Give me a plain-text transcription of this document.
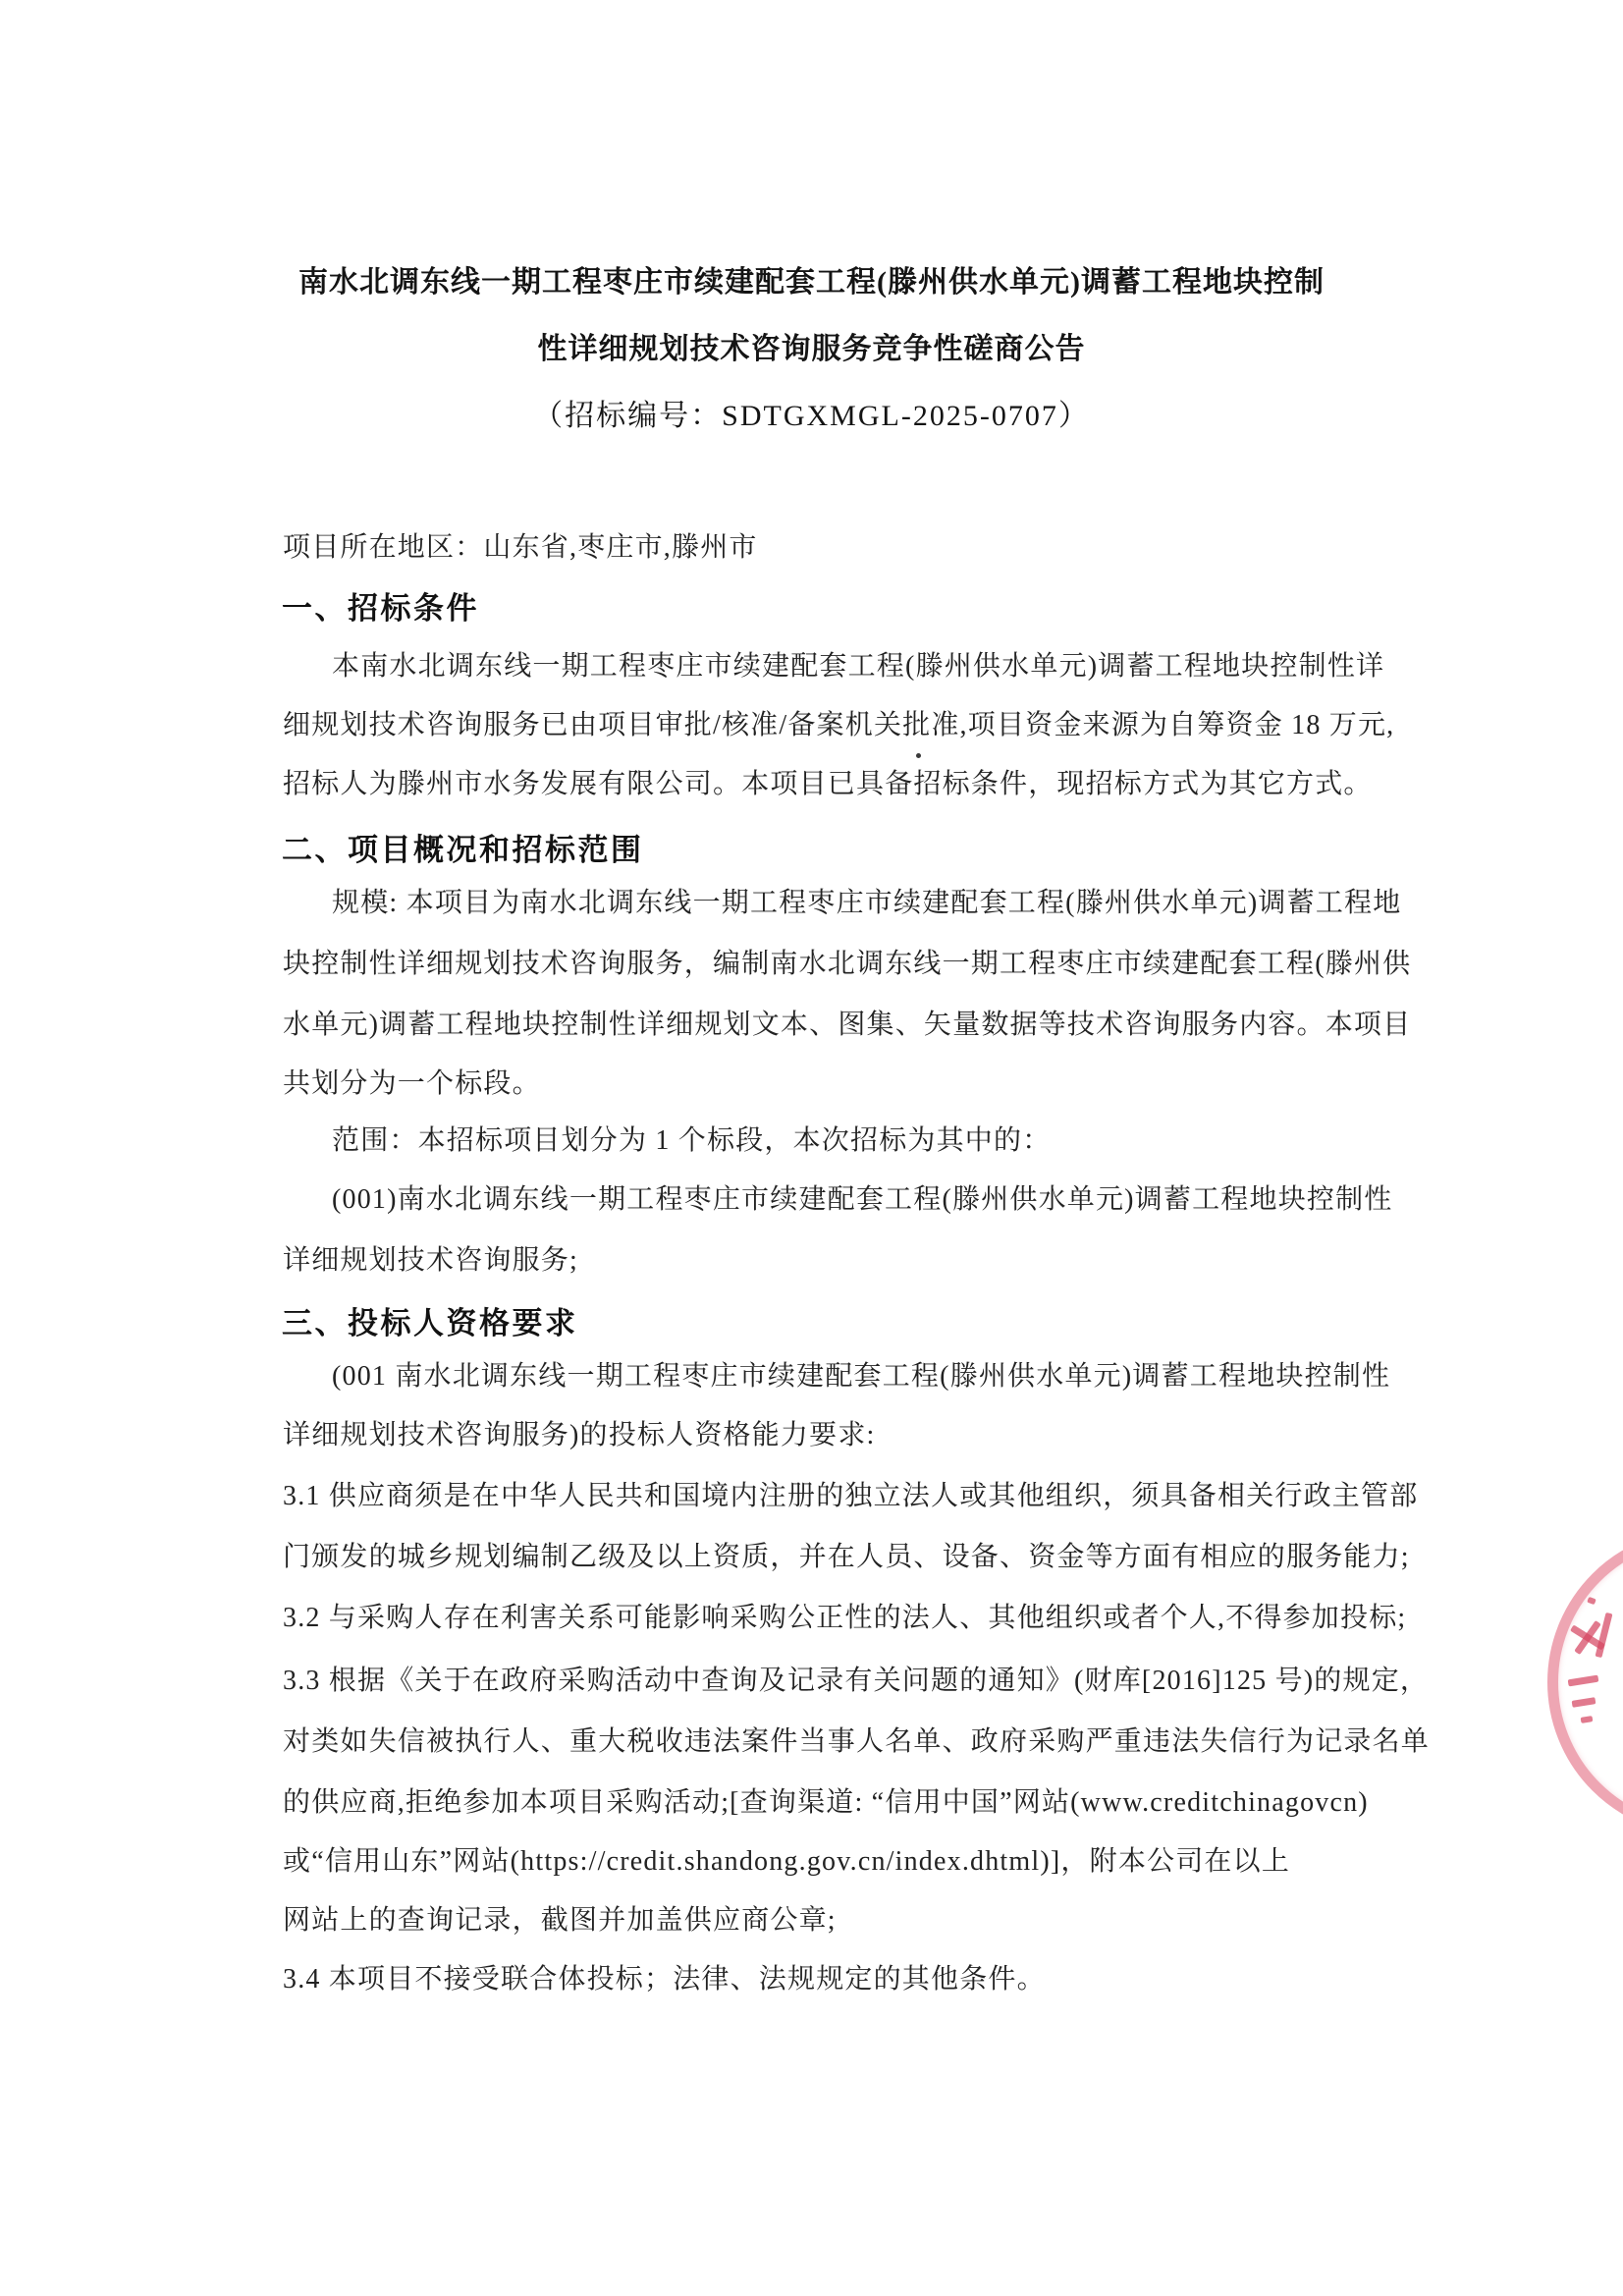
南水北调东线一期工程枣庄市续建配套工程(滕州供水单元)调蓄工程地块控制
性详细规划技术咨询服务竞争性磋商公告
（招标编号：SDTGXMGL-2025-0707）
项目所在地区：山东省,枣庄市,滕州市
一、招标条件
本南水北调东线一期工程枣庄市续建配套工程(滕州供水单元)调蓄工程地块控制性详
细规划技术咨询服务已由项目审批/核准/备案机关批准,项目资金来源为自筹资金 18 万元,
招标人为滕州市水务发展有限公司。本项目已具备招标条件，现招标方式为其它方式。
二、项目概况和招标范围
规模: 本项目为南水北调东线一期工程枣庄市续建配套工程(滕州供水单元)调蓄工程地
块控制性详细规划技术咨询服务，编制南水北调东线一期工程枣庄市续建配套工程(滕州供
水单元)调蓄工程地块控制性详细规划文本、图集、矢量数据等技术咨询服务内容。本项目
共划分为一个标段。
范围：本招标项目划分为 1 个标段，本次招标为其中的：
(001)南水北调东线一期工程枣庄市续建配套工程(滕州供水单元)调蓄工程地块控制性
详细规划技术咨询服务;
三、投标人资格要求
(001 南水北调东线一期工程枣庄市续建配套工程(滕州供水单元)调蓄工程地块控制性
详细规划技术咨询服务)的投标人资格能力要求:
3.1 供应商须是在中华人民共和国境内注册的独立法人或其他组织，须具备相关行政主管部
门颁发的城乡规划编制乙级及以上资质，并在人员、设备、资金等方面有相应的服务能力;
3.2 与采购人存在利害关系可能影响采购公正性的法人、其他组织或者个人,不得参加投标;
3.3 根据《关于在政府采购活动中查询及记录有关问题的通知》(财库[2016]125 号)的规定，
对类如失信被执行人、重大税收违法案件当事人名单、政府采购严重违法失信行为记录名单
的供应商,拒绝参加本项目采购活动;[查询渠道: “信用中国”网站(www.creditchinagovcn)
或“信用山东”网站(https://credit.shandong.gov.cn/index.dhtml)]，附本公司在以上
网站上的查询记录，截图并加盖供应商公章;
3.4 本项目不接受联合体投标；法律、法规规定的其他条件。
